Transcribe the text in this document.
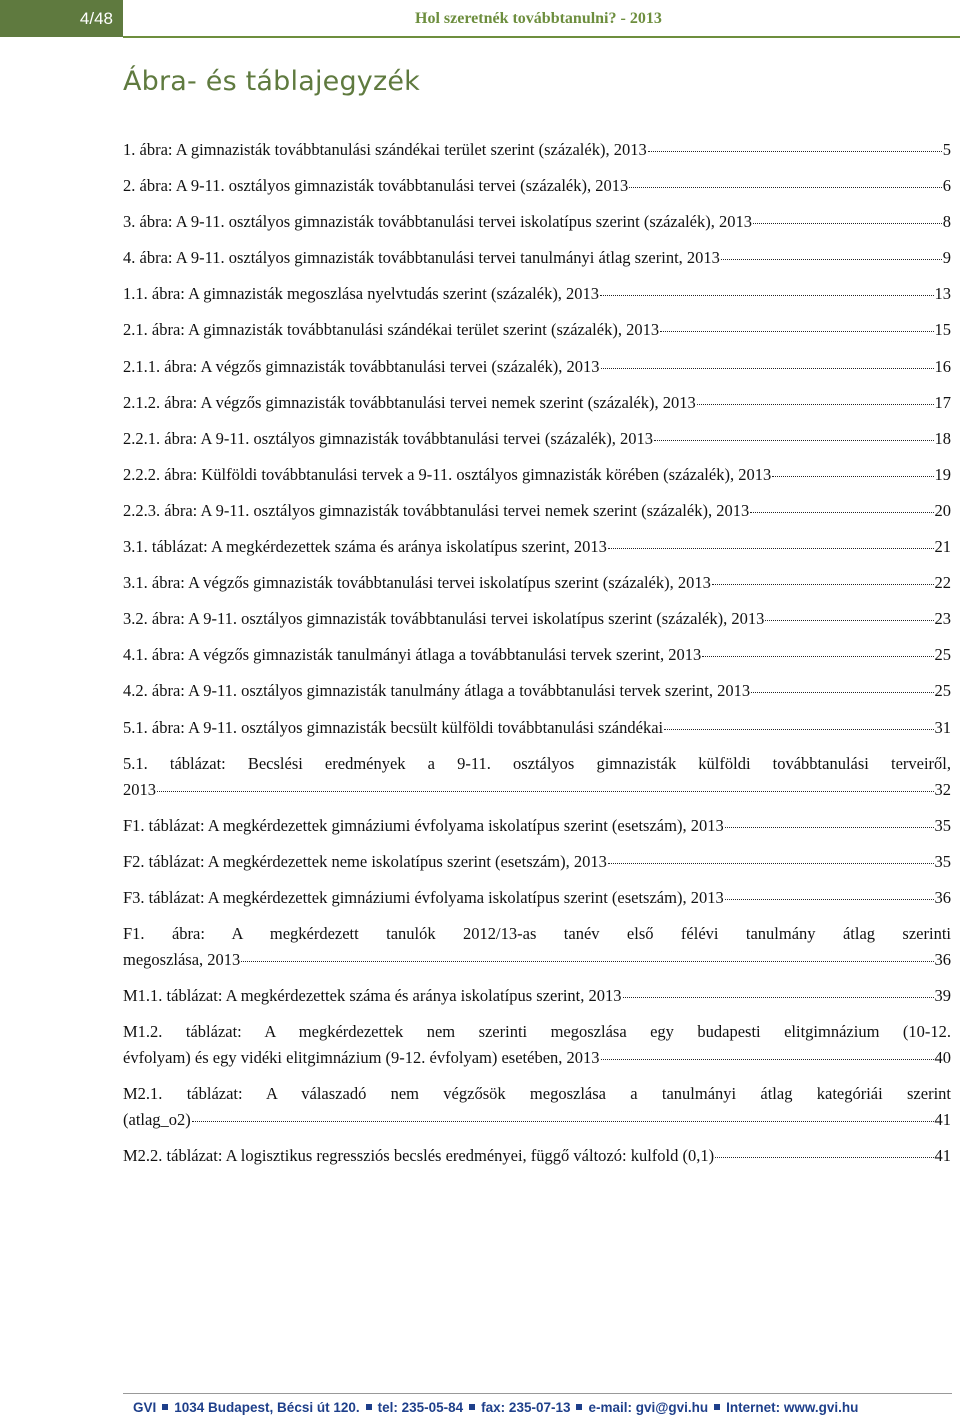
4/48	Hol szeretnék továbbtanulni? - 2013
Ábra- és táblajegyzék
1. ábra: A gimnazisták továbbtanulási szándékai terület szerint (százalék), 2013	5
2. ábra: A 9-11. osztályos gimnazisták továbbtanulási tervei (százalék), 2013	6
3. ábra: A 9-11. osztályos gimnazisták továbbtanulási tervei iskolatípus szerint (százalék), 2013	8
4. ábra: A 9-11. osztályos gimnazisták továbbtanulási tervei tanulmányi átlag szerint, 2013	9
1.1. ábra: A gimnazisták megoszlása nyelvtudás szerint (százalék), 2013	13
2.1. ábra: A gimnazisták továbbtanulási szándékai terület szerint (százalék), 2013	15
2.1.1. ábra: A végzős gimnazisták továbbtanulási tervei (százalék), 2013	16
2.1.2. ábra: A végzős gimnazisták továbbtanulási tervei nemek szerint (százalék), 2013	17
2.2.1. ábra: A 9-11. osztályos gimnazisták továbbtanulási tervei (százalék), 2013	18
2.2.2. ábra: Külföldi továbbtanulási tervek a 9-11. osztályos gimnazisták körében (százalék), 2013	19
2.2.3. ábra: A 9-11. osztályos gimnazisták továbbtanulási tervei nemek szerint (százalék), 2013	20
3.1. táblázat: A megkérdezettek száma és aránya iskolatípus szerint, 2013	21
3.1. ábra: A végzős gimnazisták továbbtanulási tervei iskolatípus szerint (százalék), 2013	22
3.2. ábra: A 9-11. osztályos gimnazisták továbbtanulási tervei iskolatípus szerint (százalék), 2013	23
4.1. ábra: A végzős gimnazisták tanulmányi átlaga a továbbtanulási tervek szerint, 2013	25
4.2. ábra: A 9-11. osztályos gimnazisták tanulmány átlaga a továbbtanulási tervek szerint, 2013	25
5.1. ábra: A 9-11. osztályos gimnazisták becsült külföldi továbbtanulási szándékai	31
5.1. táblázat: Becslési eredmények a 9-11. osztályos gimnazisták külföldi továbbtanulási terveiről,
2013	32
F1. táblázat: A megkérdezettek gimnáziumi évfolyama iskolatípus szerint (esetszám), 2013	35
F2. táblázat: A megkérdezettek neme iskolatípus szerint (esetszám), 2013	35
F3. táblázat: A megkérdezettek gimnáziumi évfolyama iskolatípus szerint (esetszám), 2013	36
F1. ábra: A megkérdezett tanulók 2012/13-as tanév első félévi tanulmány átlag szerinti
megoszlása, 2013	36
M1.1. táblázat: A megkérdezettek száma és aránya iskolatípus szerint, 2013	39
M1.2. táblázat: A megkérdezettek nem szerinti megoszlása egy budapesti elitgimnázium (10-12.
évfolyam) és egy vidéki elitgimnázium (9-12. évfolyam) esetében, 2013	40
M2.1. táblázat: A válaszadó nem végzősök megoszlása a tanulmányi átlag kategóriái szerint
(atlag_o2)	41
M2.2. táblázat: A logisztikus regressziós becslés eredményei, függő változó: kulfold (0,1)	41
GVI 1034 Budapest, Bécsi út 120. tel: 235-05-84 fax: 235-07-13 e-mail: gvi@gvi.hu Internet: www.gvi.hu
